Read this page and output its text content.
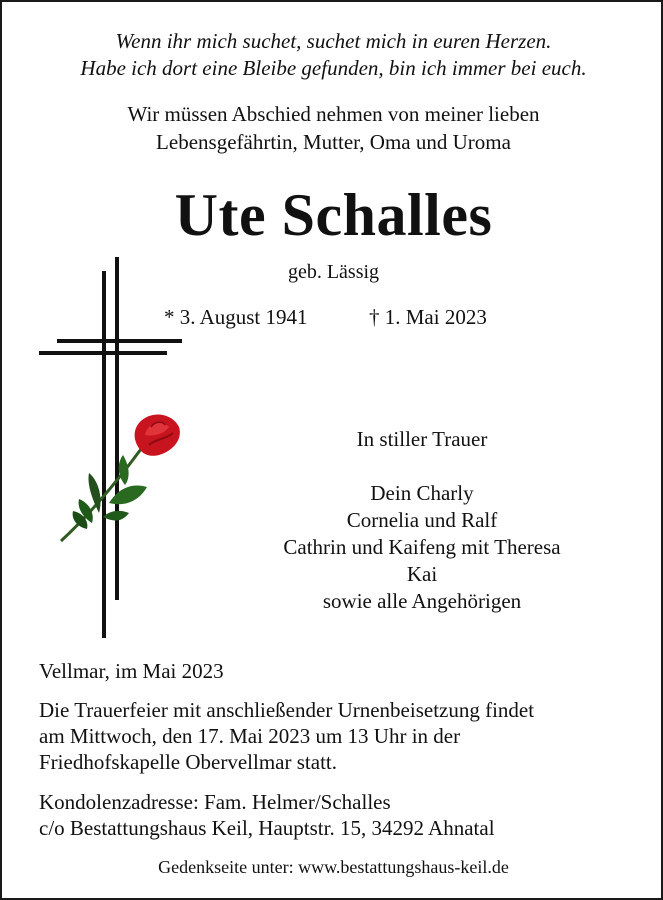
Wenn ihr mich suchet, suchet mich in euren Herzen.
Habe ich dort eine Bleibe gefunden, bin ich immer bei euch.
Wir müssen Abschied nehmen von meiner lieben
Lebensgefährtin, Mutter, Oma und Uroma
Ute Schalles
geb. Lässig
* 3. August 1941	† 1. Mai 2023
In stiller Trauer
Dein Charly
Cornelia und Ralf
Cathrin und Kaifeng mit Theresa
Kai
sowie alle Angehörigen
Vellmar, im Mai 2023
Die Trauerfeier mit anschließender Urnenbeisetzung findet
am Mittwoch, den 17. Mai 2023 um 13 Uhr in der
Friedhofskapelle Obervellmar statt.
Kondolenzadresse: Fam. Helmer/Schalles
c/o Bestattungshaus Keil, Hauptstr. 15, 34292 Ahnatal
Gedenkseite unter: www.bestattungshaus-keil.de
